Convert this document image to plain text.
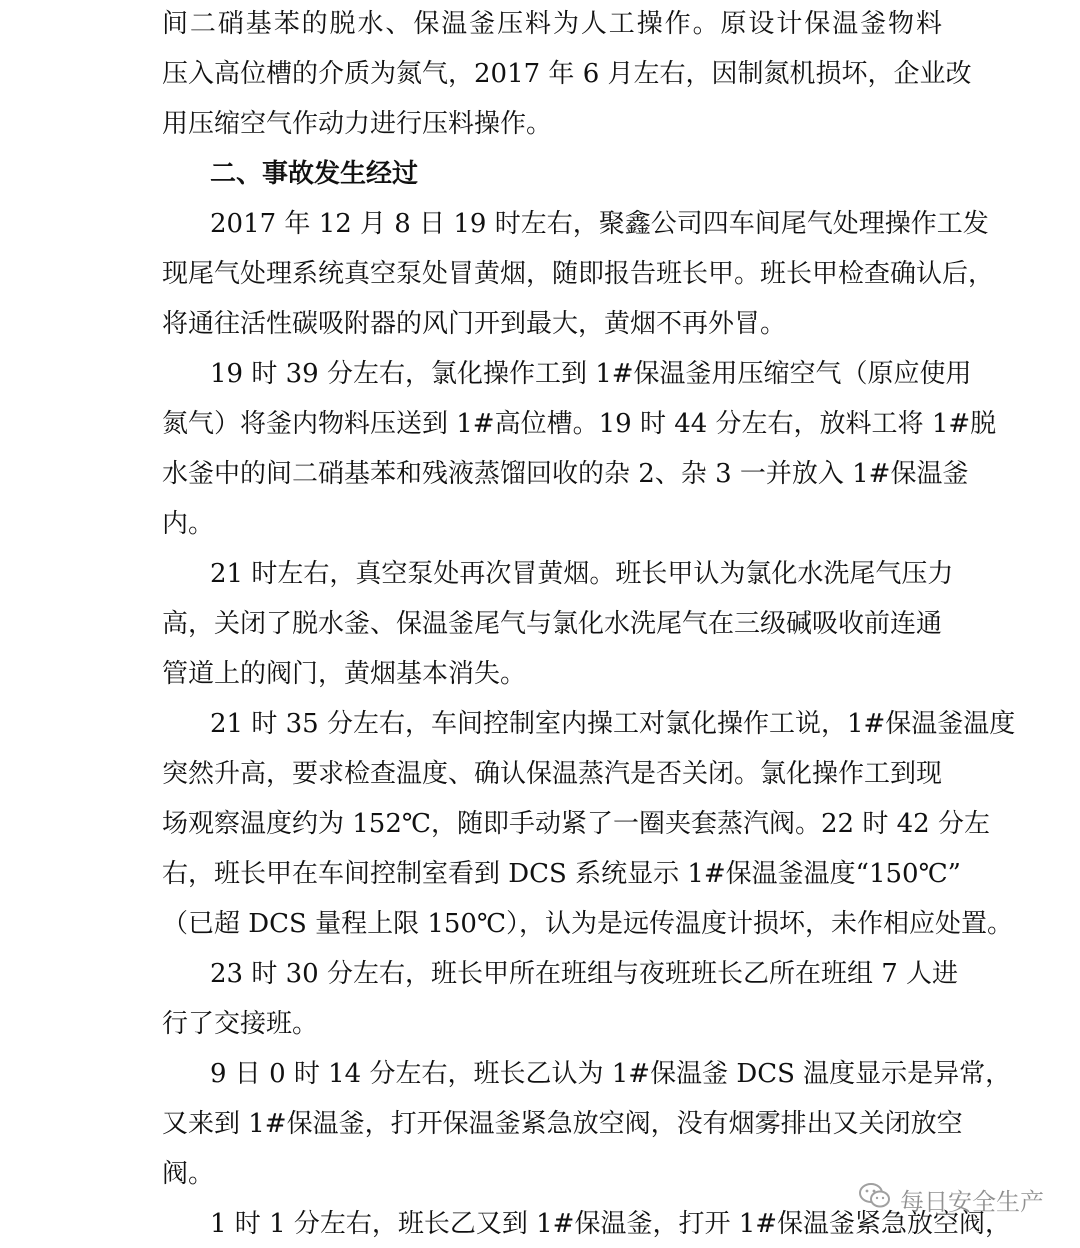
间二硝基苯的脱水、保温釜压料为人工操作。原设计保温釜物料
压入高位槽的介质为氮气，2017 年 6 月左右，因制氮机损坏，企业改
用压缩空气作动力进行压料操作。
二、事故发生经过
2017 年 12 月 8 日 19 时左右，聚鑫公司四车间尾气处理操作工发
现尾气处理系统真空泵处冒黄烟，随即报告班长甲。班长甲检查确认后，
将通往活性碳吸附器的风门开到最大，黄烟不再外冒。
19 时 39 分左右，氯化操作工到 1#保温釜用压缩空气（原应使用
氮气）将釜内物料压送到 1#高位槽。19 时 44 分左右，放料工将 1#脱
水釜中的间二硝基苯和残液蒸馏回收的杂 2、杂 3 一并放入 1#保温釜
内。
21 时左右，真空泵处再次冒黄烟。班长甲认为氯化水洗尾气压力
高，关闭了脱水釜、保温釜尾气与氯化水洗尾气在三级碱吸收前连通
管道上的阀门，黄烟基本消失。
21 时 35 分左右，车间控制室内操工对氯化操作工说，1#保温釜温度
突然升高，要求检查温度、确认保温蒸汽是否关闭。氯化操作工到现
场观察温度约为 152℃，随即手动紧了一圈夹套蒸汽阀。22 时 42 分左
右，班长甲在车间控制室看到 DCS 系统显示 1#保温釜温度“150℃”
（已超 DCS 量程上限 150℃），认为是远传温度计损坏，未作相应处置。
23 时 30 分左右，班长甲所在班组与夜班班长乙所在班组 7 人进
行了交接班。
9 日 0 时 14 分左右，班长乙认为 1#保温釜 DCS 温度显示是异常，
又来到 1#保温釜，打开保温釜紧急放空阀，没有烟雾排出又关闭放空
阀。
1 时 1 分左右，班长乙又到 1#保温釜，打开 1#保温釜紧急放空阀，
每日安全生产
